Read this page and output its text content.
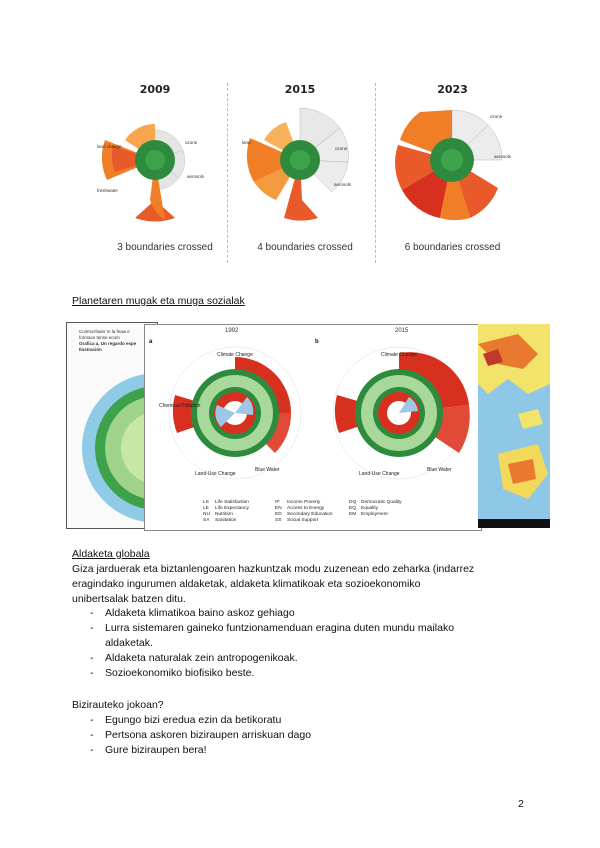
2009
land change
ozone
aerosols
freshwater
3 boundaries crossed
2015
land
ozone
aerosols
4 boundaries crossed
2023
ozone
aerosols
6 boundaries crossed
Planetaren mugak eta muga sozialak
Cuimscrhaier m la feaw e
formace tense ecom
Grafica a, Un regardo espe
Ilustración
a	b
1992	2015
Climate Change
Chemical Pollution
Land-Use Change
Blue Water
Climate Change
Land-Use Change
Blue Water
LS	Life Satisfaction	IP	Income Poverty	DQ Democratic Quality
LE	Life Expectancy	EN	Access to Energy	EQ	Equality
NU	Nutrition	ED	Secondary Education	EM Employment
SA	Sanitation	SS	Social Support
Aldaketa globala
Giza jarduerak eta biztanlengoaren hazkuntzak modu zuzenean edo zeharka (indarrez
eragindako ingurumen aldaketak, aldaketa klimatikoak eta sozioekonomiko
unibertsalak batzen ditu.
- Aldaketa klimatikoa baino askoz gehiago
- Lurra sistemaren gaineko funtzionamenduan eragina duten mundu mailako
aldaketak.
- Aldaketa naturalak zein antropogenikoak.
- Sozioekonomiko biofisiko beste.
Bizirauteko jokoan?
- Egungo bizi eredua ezin da betikoratu
- Pertsona askoren biziraupen arriskuan dago
- Gure biziraupen bera!
2
